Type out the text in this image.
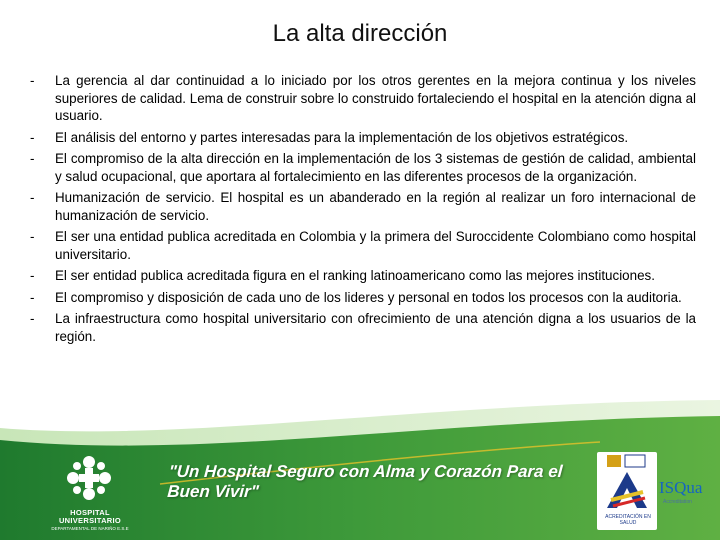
La alta dirección
- La gerencia al dar continuidad a lo iniciado por los otros gerentes en la mejora continua y los niveles superiores de calidad. Lema de construir sobre lo construido fortaleciendo el hospital en la atención digna al usuario.
- El análisis del entorno y partes interesadas para la implementación de los objetivos estratégicos.
- El compromiso de la alta dirección en la implementación de los 3 sistemas de gestión de calidad, ambiental y salud ocupacional, que aportara al fortalecimiento en las diferentes procesos de la organización.
- Humanización de servicio. El hospital es un abanderado en la región al realizar un foro internacional de humanización de servicio.
- El ser una entidad publica acreditada en Colombia y la primera del Suroccidente Colombiano como hospital universitario.
- El ser entidad publica acreditada figura en el ranking latinoamericano como las mejores instituciones.
- El compromiso y disposición de cada uno de los lideres y personal en todos los procesos con la auditoria.
- La infraestructura como hospital universitario con ofrecimiento de una atención digna a los usuarios de la región.
HOSPITAL
UNIVERSITARIO
DEPARTAMENTAL DE NARIÑO E.S.E
"Un Hospital Seguro con Alma y Corazón Para el Buen Vivir"
ACREDITACIÓN EN SALUD
ISQua
Accreditation
